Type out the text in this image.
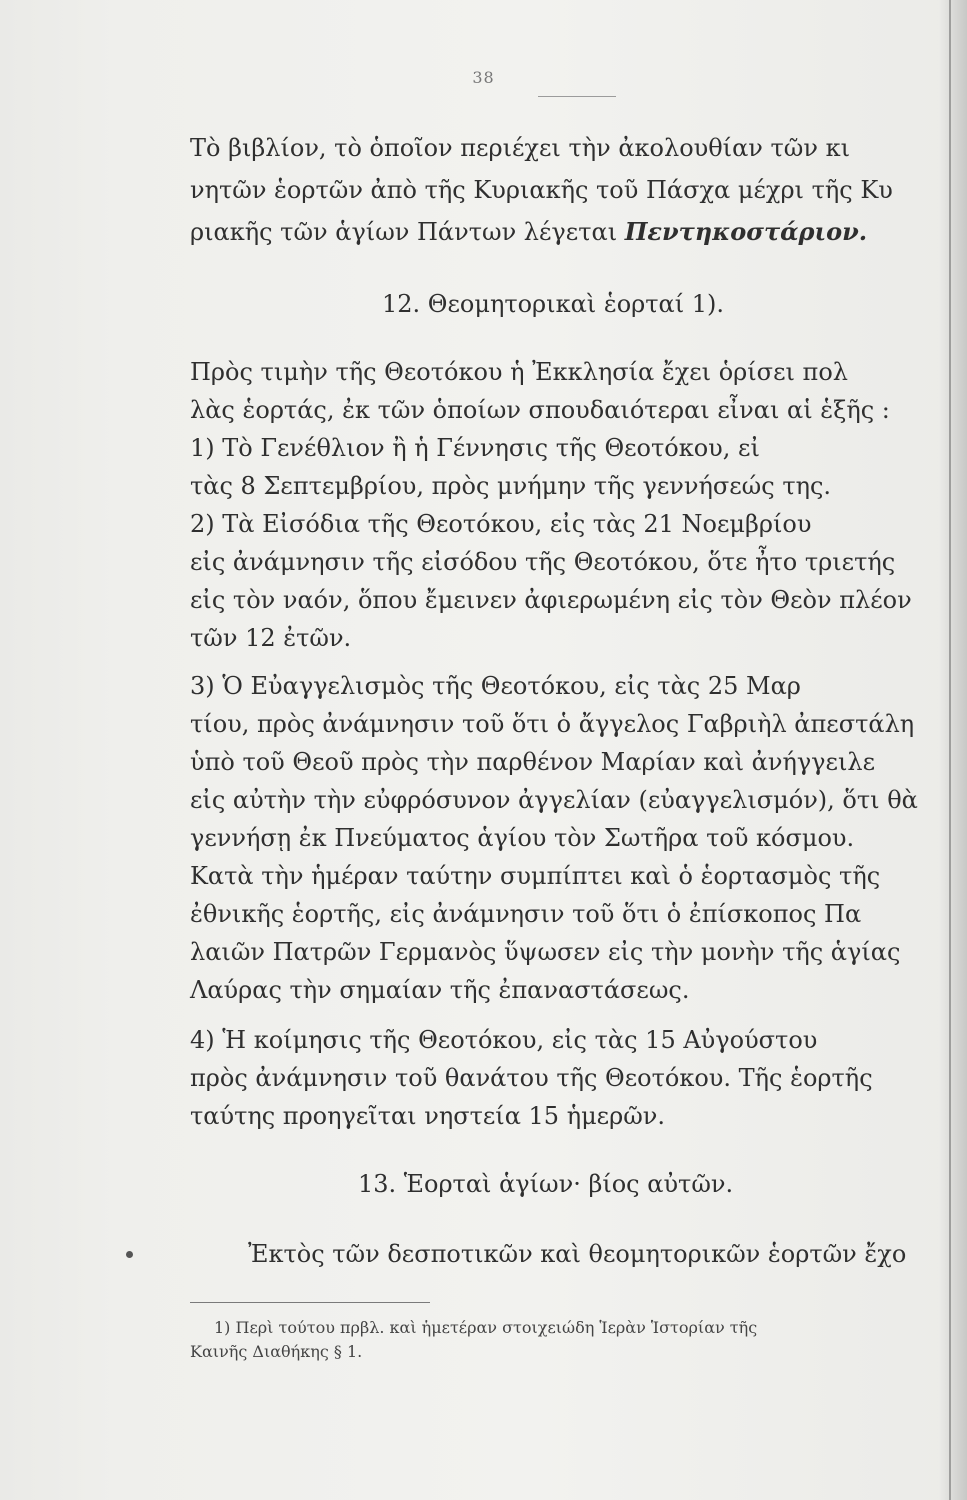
38
Τὸ βιβλίον, τὸ ὁποῖον περιέχει τὴν ἀκολουθίαν τῶν κι
νητῶν ἑορτῶν ἀπὸ τῆς Κυριακῆς τοῦ Πάσχα μέχρι τῆς Κυ
ριακῆς τῶν ἁγίων Πάντων λέγεται Πεντηκοστάριον.
12. Θεομητορικαὶ ἑορταί 1).
Πρὸς τιμὴν τῆς Θεοτόκου ἡ Ἐκκλησία ἔχει ὁρίσει πολ
λὰς ἑορτάς, ἐκ τῶν ὁποίων σπουδαιότεραι εἶναι αἱ ἑξῆς :
1) Τὸ Γενέθλιον ἢ ἡ Γέννησις τῆς Θεοτόκου, εἰ
τὰς 8 Σεπτεμβρίου, πρὸς μνήμην τῆς γεννήσεώς της.
2) Τὰ Εἰσόδια τῆς Θεοτόκου, εἰς τὰς 21 Νοεμβρίου
εἰς ἀνάμνησιν τῆς εἰσόδου τῆς Θεοτόκου, ὅτε ἦτο τριετής
εἰς τὸν ναόν, ὅπου ἔμεινεν ἀφιερωμένη εἰς τὸν Θεὸν πλέον
τῶν 12 ἐτῶν.
3) Ὁ Εὐαγγελισμὸς τῆς Θεοτόκου, εἰς τὰς 25 Μαρ
τίου, πρὸς ἀνάμνησιν τοῦ ὅτι ὁ ἄγγελος Γαβριὴλ ἀπεστάλη
ὑπὸ τοῦ Θεοῦ πρὸς τὴν παρθένον Μαρίαν καὶ ἀνήγγειλε
εἰς αὐτὴν τὴν εὐφρόσυνον ἀγγελίαν (εὐαγγελισμόν), ὅτι θὰ
γεννήσῃ ἐκ Πνεύματος ἁγίου τὸν Σωτῆρα τοῦ κόσμου.
Κατὰ τὴν ἡμέραν ταύτην συμπίπτει καὶ ὁ ἑορτασμὸς τῆς
ἐθνικῆς ἑορτῆς, εἰς ἀνάμνησιν τοῦ ὅτι ὁ ἐπίσκοπος Πα
λαιῶν Πατρῶν Γερμανὸς ὕψωσεν εἰς τὴν μονὴν τῆς ἁγίας
Λαύρας τὴν σημαίαν τῆς ἐπαναστάσεως.
4) Ἡ κοίμησις τῆς Θεοτόκου, εἰς τὰς 15 Αὐγούστου
πρὸς ἀνάμνησιν τοῦ θανάτου τῆς Θεοτόκου. Τῆς ἑορτῆς
ταύτης προηγεῖται νηστεία 15 ἡμερῶν.
13. Ἑορταὶ ἁγίων· βίος αὐτῶν.
Ἐκτὸς τῶν δεσποτικῶν καὶ θεομητορικῶν ἑορτῶν ἔχο
1) Περὶ τούτου πρβλ. καὶ ἡμετέραν στοιχειώδη Ἱερὰν Ἱστορίαν τῆς
Καινῆς Διαθήκης § 1.
